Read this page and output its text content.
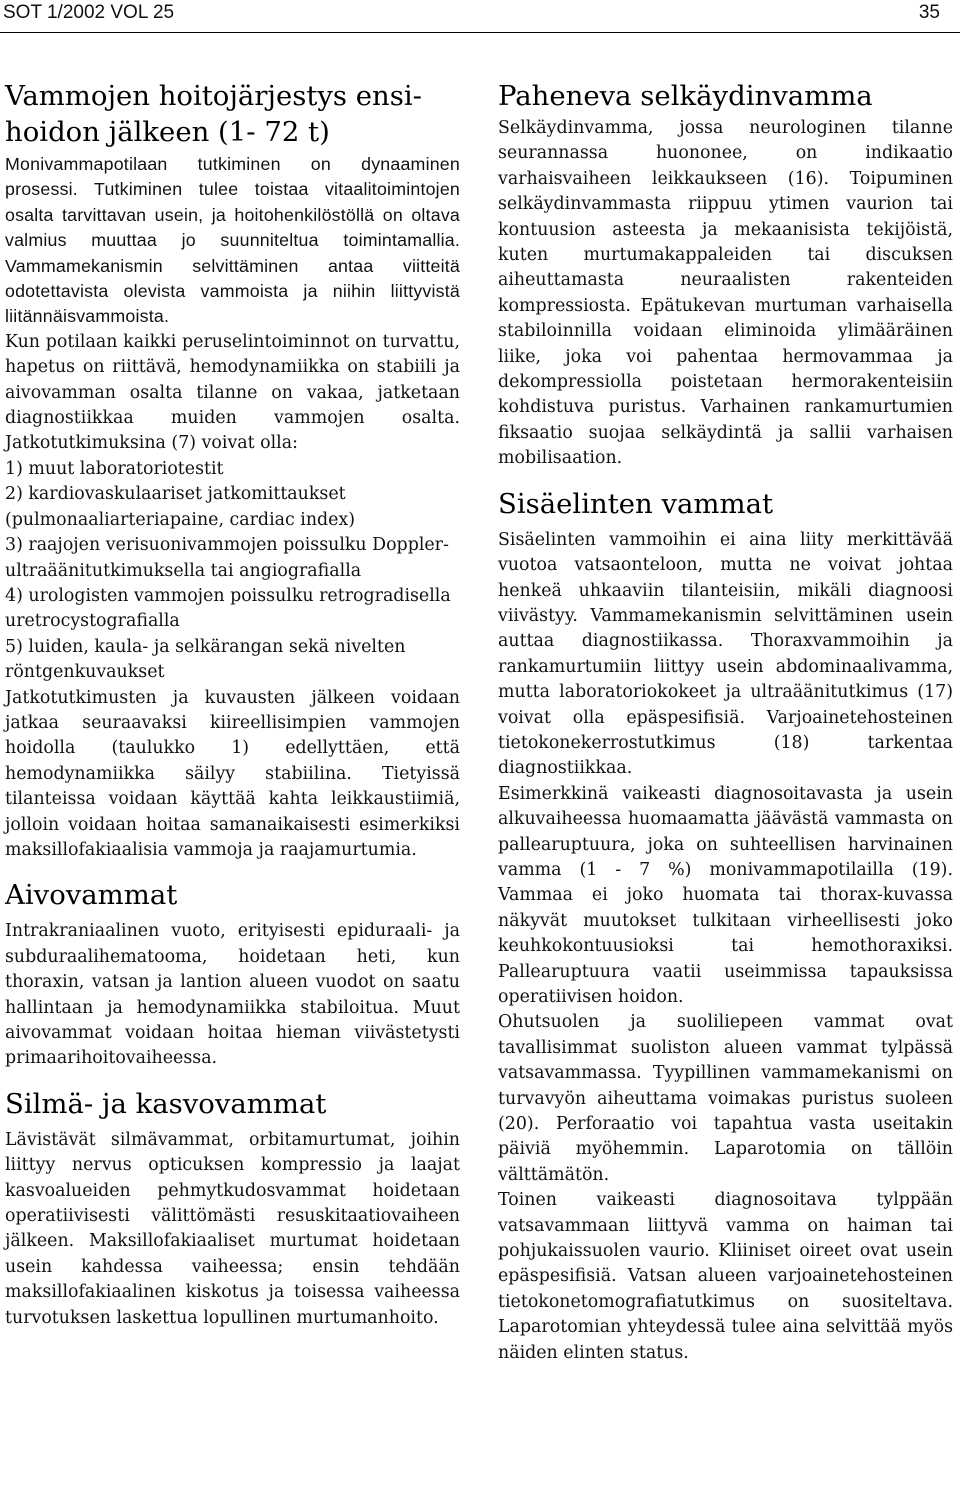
SOT 1/2002 VOL 25	35
Vammojen hoitojärjestys ensi-hoidon jälkeen (1- 72 t)

Monivammapotilaan tutkiminen on dynaaminen prosessi. Tutkiminen tulee toistaa vitaalitoimintojen osalta tarvittavan usein, ja hoitohenkilöstöllä on oltava valmius muuttaa jo suunniteltua toimintamallia. Vammamekanismin selvittäminen antaa viitteitä odotettavista olevista vammoista ja niihin liittyvistä liitännäisvammoista.

Kun potilaan kaikki peruselintoiminnot on turvattu, hapetus on riittävä, hemodynamiikka on stabiili ja aivovamman osalta tilanne on vakaa, jatketaan diagnostiikkaa muiden vammojen osalta. Jatkotutkimuksina (7) voivat olla:

1) muut laboratoriotestit

2) kardiovaskulaariset jatkomittaukset (pulmonaaliarteriapaine, cardiac index)

3) raajojen verisuonivammojen poissulku Doppler-ultraäänitutkimuksella tai angiografialla

4) urologisten vammojen poissulku retrogradisella uretrocystografialla

5) luiden, kaula- ja selkärangan sekä nivelten röntgenkuvaukset

Jatkotutkimusten ja kuvausten jälkeen voidaan jatkaa seuraavaksi kiireellisimpien vammojen hoidolla (taulukko 1) edellyttäen, että hemodynamiikka säilyy stabiilina. Tietyissä tilanteissa voidaan käyttää kahta leikkaustiimiä, jolloin voidaan hoitaa samanaikaisesti esimerkiksi maksillofakiaalisia vammoja ja raajamurtumia.

Aivovammat

Intrakraniaalinen vuoto, erityisesti epiduraali- ja subduraalihematooma, hoidetaan heti, kun thoraxin, vatsan ja lantion alueen vuodot on saatu hallintaan ja hemodynamiikka stabiloitua. Muut aivovammat voidaan hoitaa hieman viivästetysti primaarihoitovaiheessa.

Silmä- ja kasvovammat

Lävistävät silmävammat, orbitamurtumat, joihin liittyy nervus opticuksen kompressio ja laajat kasvoalueiden pehmytkudosvammat hoidetaan operatiivisesti välittömästi resuskitaatiovaiheen jälkeen. Maksillofakiaaliset murtumat hoidetaan usein kahdessa vaiheessa; ensin tehdään maksillofakiaalinen kiskotus ja toisessa vaiheessa turvotuksen laskettua lopullinen murtumanhoito.

Paheneva selkäydinvamma

Selkäydinvamma, jossa neurologinen tilanne seurannassa huononee, on indikaatio varhaisvaiheen leikkaukseen (16). Toipuminen selkäydinvammasta riippuu ytimen vaurion tai kontuusion asteesta ja mekaanisista tekijöistä, kuten murtumakappaleiden tai discuksen aiheuttamasta neuraalisten rakenteiden kompressiosta. Epätukevan murtuman varhaisella stabiloinnilla voidaan eliminoida ylimääräinen liike, joka voi pahentaa hermovammaa ja dekompressiolla poistetaan hermorakenteisiin kohdistuva puristus. Varhainen rankamurtumien fiksaatio suojaa selkäydintä ja sallii varhaisen mobilisaation.

Sisäelinten vammat

Sisäelinten vammoihin ei aina liity merkittävää vuotoa vatsaonteloon, mutta ne voivat johtaa henkeä uhkaaviin tilanteisiin, mikäli diagnoosi viivästyy. Vammamekanismin selvittäminen usein auttaa diagnostiikassa. Thoraxvammoihin ja rankamurtumiin liittyy usein abdominaalivamma, mutta laboratoriokokeet ja ultraäänitutkimus (17) voivat olla epäspesifisiä. Varjoainetehosteinen tietokonekerrostutkimus (18) tarkentaa diagnostiikkaa.

Esimerkkinä vaikeasti diagnosoitavasta ja usein alkuvaiheessa huomaamatta jäävästä vammasta on pallearuptuura, joka on suhteellisen harvinainen vamma (1 - 7 %) monivammapotilailla (19). Vammaa ei joko huomata tai thorax-kuvassa näkyvät muutokset tulkitaan virheellisesti joko keuhkokontuusioksi tai hemothoraxiksi. Pallearuptuura vaatii useimmissa tapauksissa operatiivisen hoidon.

Ohutsuolen ja suoliliepeen vammat ovat tavallisimmat suoliston alueen vammat tylpässä vatsavammassa. Tyypillinen vammamekanismi on turvavyön aiheuttama voimakas puristus suoleen (20). Perforaatio voi tapahtua vasta useitakin päiviä myöhemmin. Laparotomia on tällöin välttämätön.

Toinen vaikeasti diagnosoitava tylppään vatsavammaan liittyvä vamma on haiman tai pohjukaissuolen vaurio. Kliiniset oireet ovat usein epäspesifisiä. Vatsan alueen varjoainetehosteinen tietokonetomografiatutkimus on suositeltava. Laparotomian yhteydessä tulee aina selvittää myös näiden elinten status.
